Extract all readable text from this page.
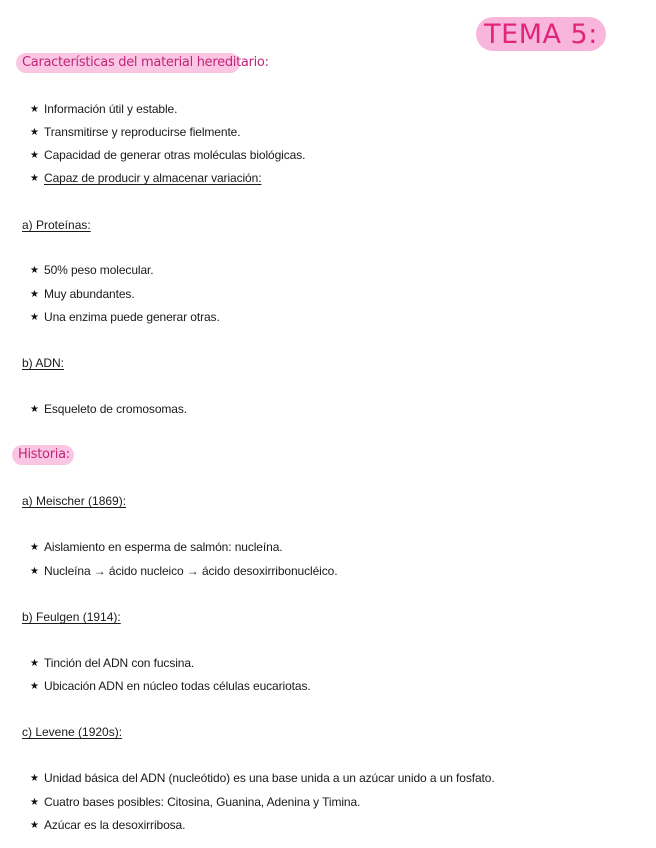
TEMA 5:
Características del material hereditario:
★ Información útil y estable.
★ Transmitirse y reproducirse fielmente.
★ Capacidad de generar otras moléculas biológicas.
★ Capaz de producir y almacenar variación:
a) Proteínas:
★ 50% peso molecular.
★ Muy abundantes.
★ Una enzima puede generar otras.
b) ADN:
★ Esqueleto de cromosomas.
Historia:
a) Meischer (1869):
★ Aislamiento en esperma de salmón: nucleína.
★ Nucleína → ácido nucleico → ácido desoxirribonucléico.
b) Feulgen (1914):
★ Tinción del ADN con fucsina.
★ Ubicación ADN en núcleo todas células eucariotas.
c) Levene (1920s):
★ Unidad básica del ADN (nucleótido) es una base unida a un azúcar unido a un fosfato.
★ Cuatro bases posibles: Citosina, Guanina, Adenina y Timina.
★ Azúcar es la desoxirribosa.
